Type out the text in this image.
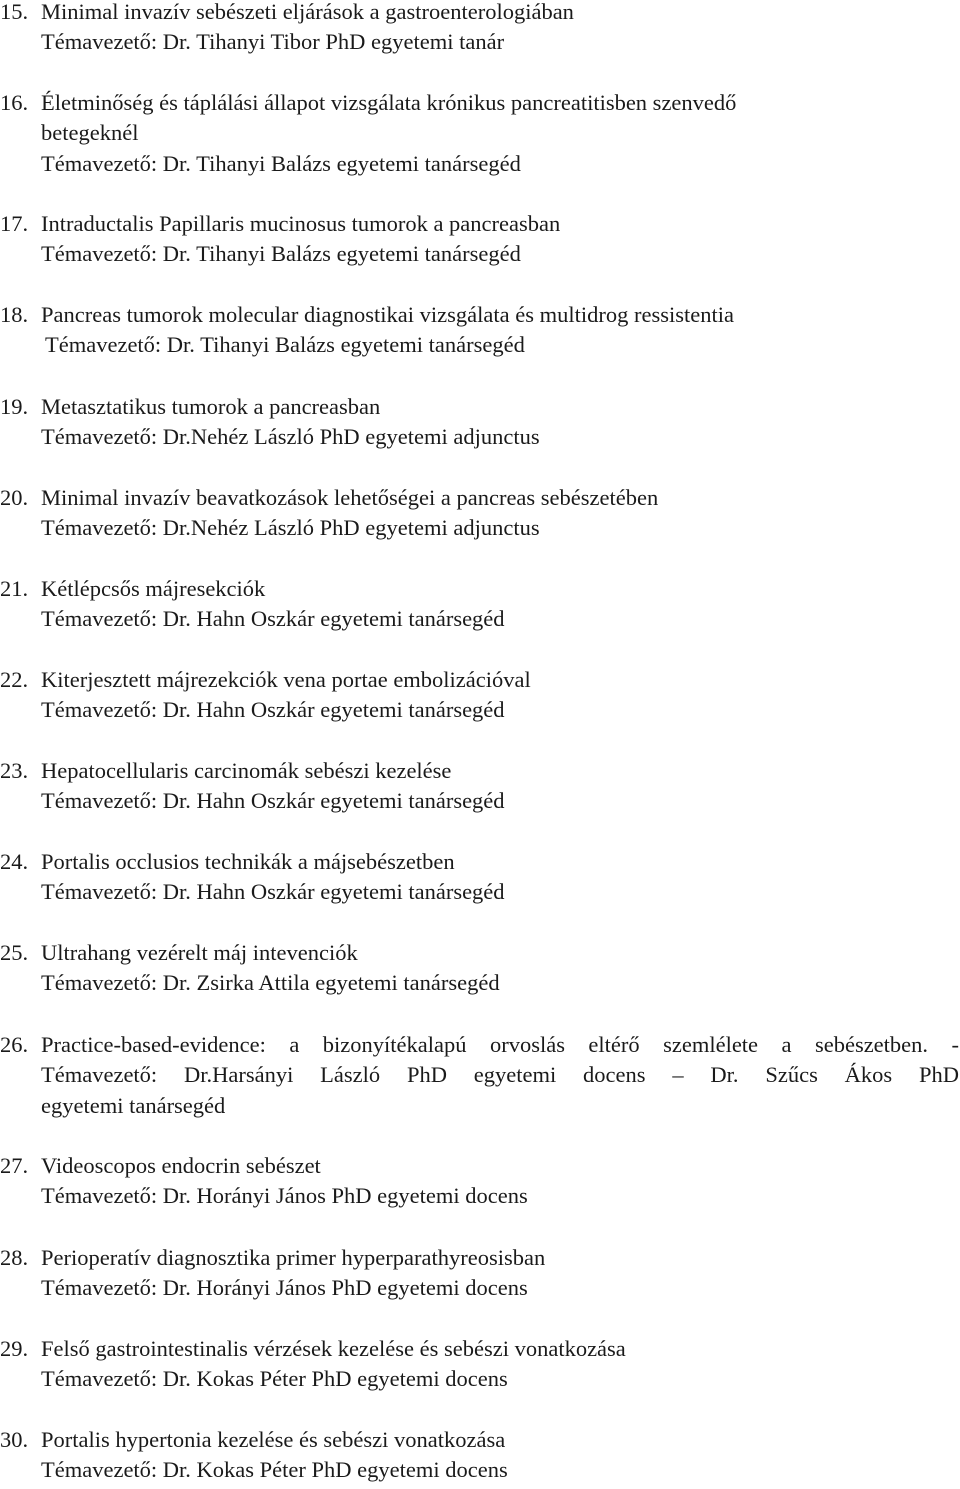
15. Minimal invazív sebészeti eljárások a gastroenterologiában
Témavezető: Dr. Tihanyi Tibor PhD egyetemi tanár
16. Életminőség és táplálási állapot vizsgálata krónikus pancreatitisben szenvedő
betegeknél
Témavezető: Dr. Tihanyi Balázs egyetemi tanársegéd
17. Intraductalis Papillaris mucinosus tumorok a pancreasban
Témavezető: Dr. Tihanyi Balázs egyetemi tanársegéd
18. Pancreas tumorok molecular diagnostikai vizsgálata és multidrog ressistentia
Témavezető: Dr. Tihanyi Balázs egyetemi tanársegéd
19. Metasztatikus tumorok a pancreasban
Témavezető: Dr.Nehéz László PhD egyetemi adjunctus
20. Minimal invazív beavatkozások lehetőségei a pancreas sebészetében
Témavezető: Dr.Nehéz László PhD egyetemi adjunctus
21. Kétlépcsős májresekciók
Témavezető: Dr. Hahn Oszkár egyetemi tanársegéd
22. Kiterjesztett májrezekciók vena portae embolizációval
Témavezető: Dr. Hahn Oszkár egyetemi tanársegéd
23. Hepatocellularis carcinomák sebészi kezelése
Témavezető: Dr. Hahn Oszkár egyetemi tanársegéd
24. Portalis occlusios technikák a májsebészetben
Témavezető: Dr. Hahn Oszkár egyetemi tanársegéd
25. Ultrahang vezérelt máj intevenciók
Témavezető: Dr. Zsirka Attila egyetemi tanársegéd
26. Practice-based-evidence: a bizonyítékalapú orvoslás eltérő szemlélete a sebészetben. -
Témavezető: Dr.Harsányi László PhD egyetemi docens – Dr. Szűcs Ákos PhD
egyetemi tanársegéd
27. Videoscopos endocrin sebészet
Témavezető: Dr. Horányi János PhD egyetemi docens
28. Perioperatív diagnosztika primer hyperparathyreosisban
Témavezető: Dr. Horányi János PhD egyetemi docens
29. Felső gastrointestinalis vérzések kezelése és sebészi vonatkozása
Témavezető: Dr. Kokas Péter PhD egyetemi docens
30. Portalis hypertonia kezelése és sebészi vonatkozása
Témavezető: Dr. Kokas Péter PhD egyetemi docens
